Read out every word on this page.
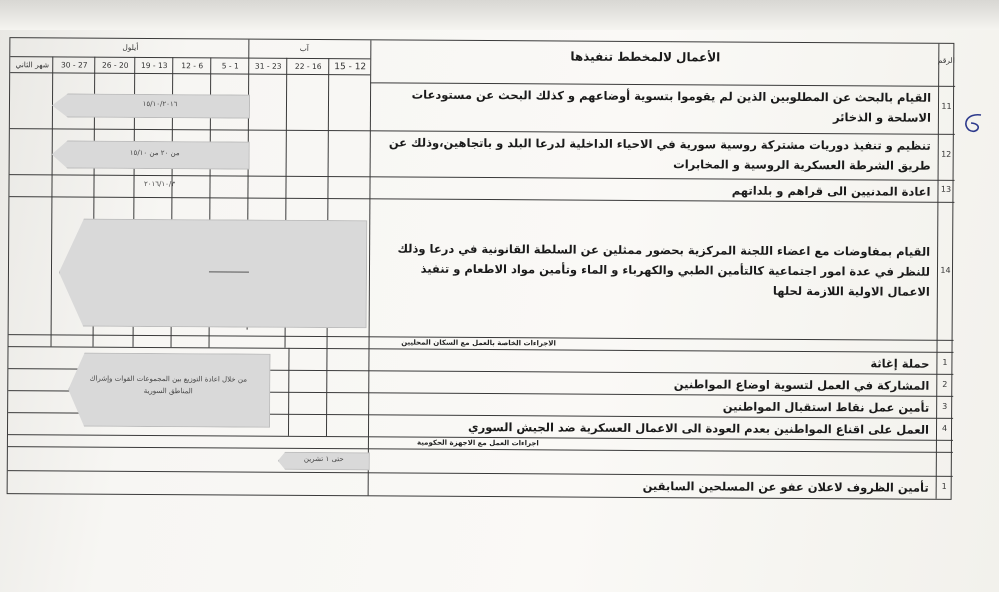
الرقم
الأعمال لالمخطط تنفيذها
آب
أيلول
15 - 12
22 - 16
31 - 23
5 - 1
12 - 6
19 - 13
26 - 20
30 - 27
شهر الثاني
11
القيام بالبحث عن المطلوبين الذين لم يقوموا بتسوية أوضاعهم و كذلك البحث عن مستودعات الاسلحة و الذخائر
١٥/١٠/٢٠١٦
12
تنظيم و تنفيذ دوريات مشتركة روسية سورية في الاحياء الداخلية لدرعا البلد و باتجاهين،وذلك عن طريق الشرطة العسكرية الروسية و المخابرات
من ٢٠ من ١٥/١٠
13
اعادة المدنيين الى قراهم و بلداتهم
٢٠١٦/١٠/٣
14
القيام بمفاوضات مع اعضاء اللجنة المركزية بحضور ممثلين عن السلطة القانونية في درعا وذلك للنظر في عدة امور اجتماعية كالتأمين الطبي والكهرباء و الماء وتأمين مواد الاطعام و تنفيذ الاعمال الاولية اللازمة لحلها
الاجراءات الخاصة بالعمل مع السكان المحليين
1
حملة إغاثة
2
المشاركة في العمل لتسوية اوضاع المواطنين
3
تأمين عمل نقاط استقبال المواطنين
4
العمل على اقناع المواطنين بعدم العودة الى الاعمال العسكرية ضد الجيش السوري
من خلال اعادة التوزيع بين المجموعات القوات وإشراك المناطق السورية
اجراءات العمل مع الاجهزة الحكومية
1
تأمين الظروف لاعلان عفو عن المسلحين السابقين
حتى ١ تشرين
